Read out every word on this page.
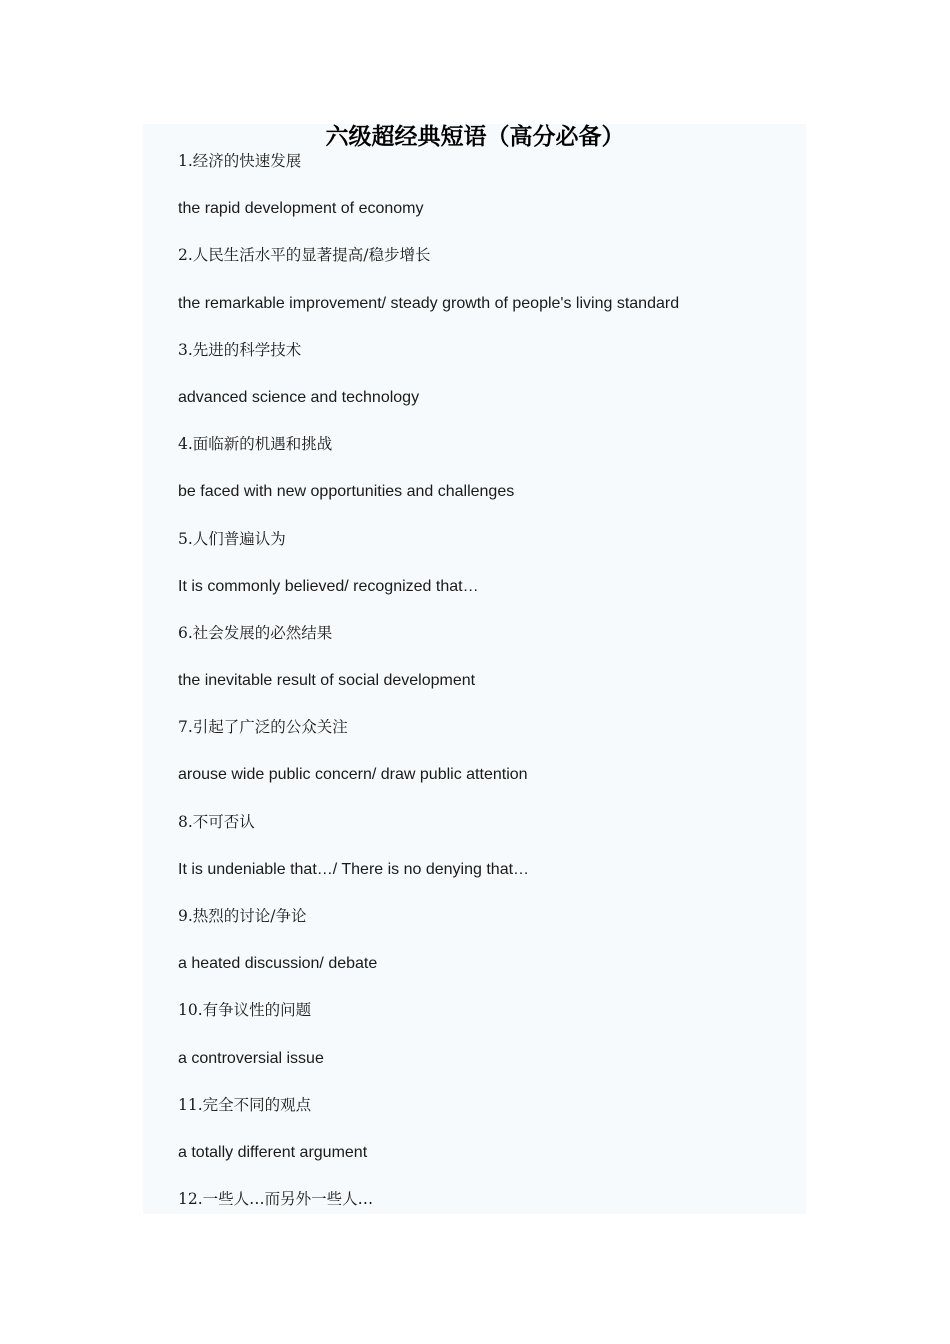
六级超经典短语（高分必备）
1.经济的快速发展
the rapid development of economy
2.人民生活水平的显著提高/稳步增长
the remarkable improvement/ steady growth of people's living standard
3.先进的科学技术
advanced science and technology
4.面临新的机遇和挑战
be faced with new opportunities and challenges
5.人们普遍认为
It is commonly believed/ recognized that…
6.社会发展的必然结果
the inevitable result of social development
7.引起了广泛的公众关注
arouse wide public concern/ draw public attention
8.不可否认
It is undeniable that…/ There is no denying that…
9.热烈的讨论/争论
a heated discussion/ debate
10.有争议性的问题
a controversial issue
11.完全不同的观点
a totally different argument
12.一些人…而另外一些人…
